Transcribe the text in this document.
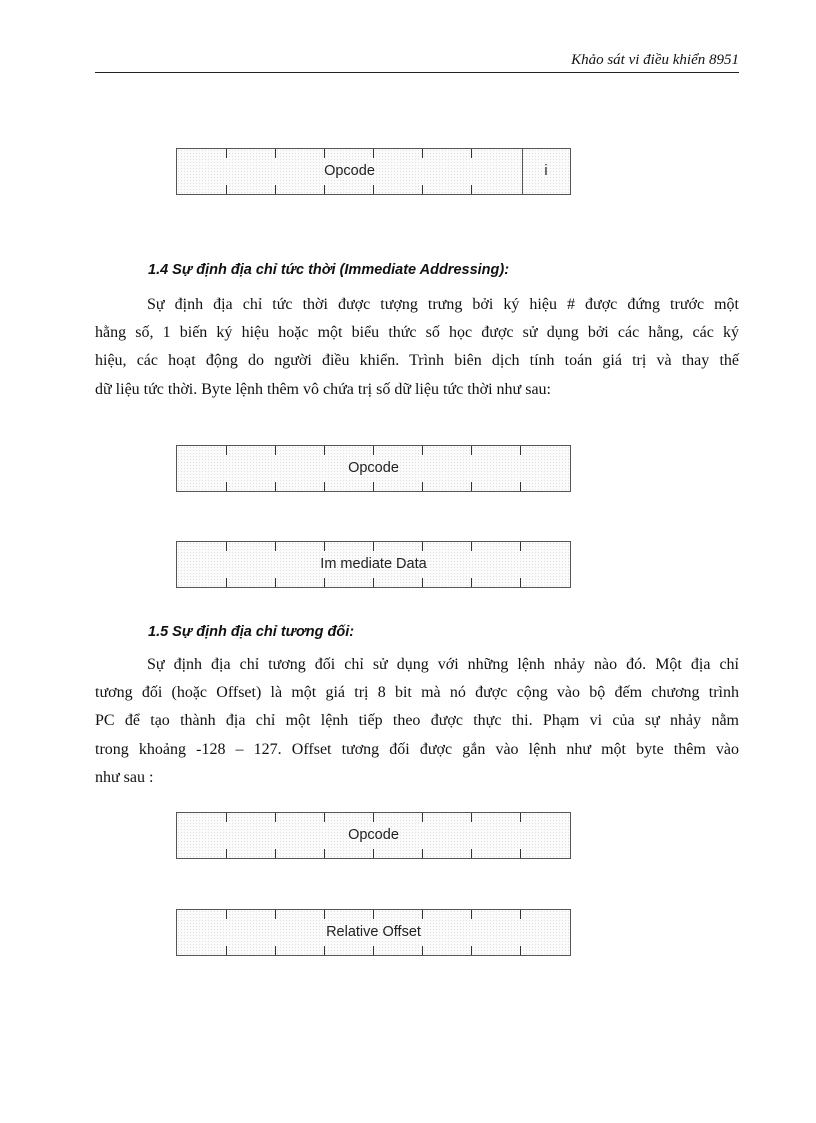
Khảo sát vi điều khiển 8951
Opcode	i
1.4 Sự định địa chỉ tức thời (Immediate Addressing):
Sự định địa chỉ tức thời được tượng trưng bởi ký hiệu # được đứng trước một
hằng số, 1 biến ký hiệu hoặc một biểu thức số học được sử dụng bởi các hằng, các ký
hiệu, các hoạt động do người điều khiển. Trình biên dịch tính toán giá trị và thay thế
dữ liệu tức thời. Byte lệnh thêm vô chứa trị số dữ liệu tức thời như sau:
Opcode
Im mediate Data
1.5 Sự định địa chỉ tương đối:
Sự định địa chỉ tương đối chỉ sử dụng với những lệnh nhảy nào đó. Một địa chỉ
tương đối (hoặc Offset) là một giá trị 8 bit mà nó được cộng vào bộ đếm chương trình
PC để tạo thành địa chỉ một lệnh tiếp theo được thực thi. Phạm vi của sự nhảy nằm
trong khoảng -128 – 127. Offset tương đối được gắn vào lệnh như một byte thêm vào
như sau :
Opcode
Relative Offset
